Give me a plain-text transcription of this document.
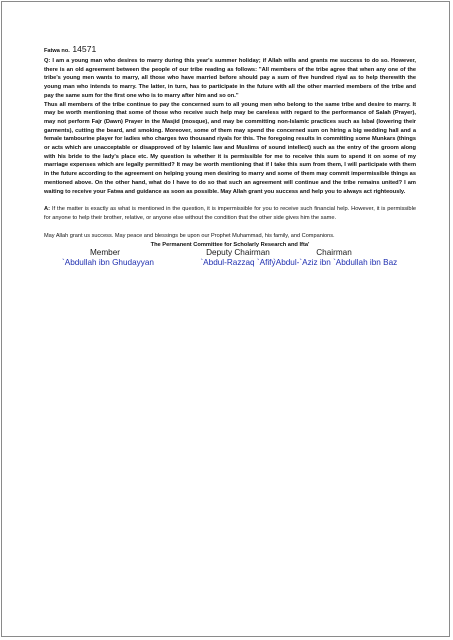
Fatwa no. 14571

Q: I am a young man who desires to marry during this year's summer holiday; if Allah wills and grants me success to do so. However, there is an old agreement between the people of our tribe reading as follows: "All members of the tribe agree that when any one of the tribe's young men wants to marry, all those who have married before should pay a sum of five hundred riyal as to help therewith the young man who intends to marry. The latter, in turn, has to participate in the future with all the other married members of the tribe and pay the same sum for the first one who is to marry after him and so on."

Thus all members of the tribe continue to pay the concerned sum to all young men who belong to the same tribe and desire to marry. It may be worth mentioning that some of those who receive such help may be careless with regard to the performance of Salah (Prayer), may not perform Fajr (Dawn) Prayer in the Masjid (mosque), and may be committing non-Islamic practices such as Isbal (lowering their garments), cutting the beard, and smoking. Moreover, some of them may spend the concerned sum on hiring a big wedding hall and a female tambourine player for ladies who charges two thousand riyals for this. The foregoing results in committing some Munkars (things or acts which are unacceptable or disapproved of by Islamic law and Muslims of sound intellect) such as the entry of the groom along with his bride to the lady's place etc. My question is whether it is permissible for me to receive this sum to spend it on some of my marriage expenses which are legally permitted? It may be worth mentioning that if I take this sum from them, I will participate with them in the future according to the agreement on helping young men desiring to marry and some of them may commit impermissible things as mentioned above. On the other hand, what do I have to do so that such an agreement will continue and the tribe remains united? I am waiting to receive your Fatwa and guidance as soon as possible. May Allah grant you success and help you to always act righteously.

A: If the matter is exactly as what is mentioned in the question, it is impermissible for you to receive such financial help. However, it is permissible for anyone to help their brother, relative, or anyone else without the condition that the other side gives him the same.
May Allah grant us success. May peace and blessings be upon our Prophet Muhammad, his family, and Companions.
The Permanent Committee for Scholarly Research and Ifta'
Member
`Abdullah ibn Ghudayyan
Deputy Chairman
`Abdul-Razzaq `Afify
Chairman
`Abdul-`Aziz ibn `Abdullah ibn Baz
